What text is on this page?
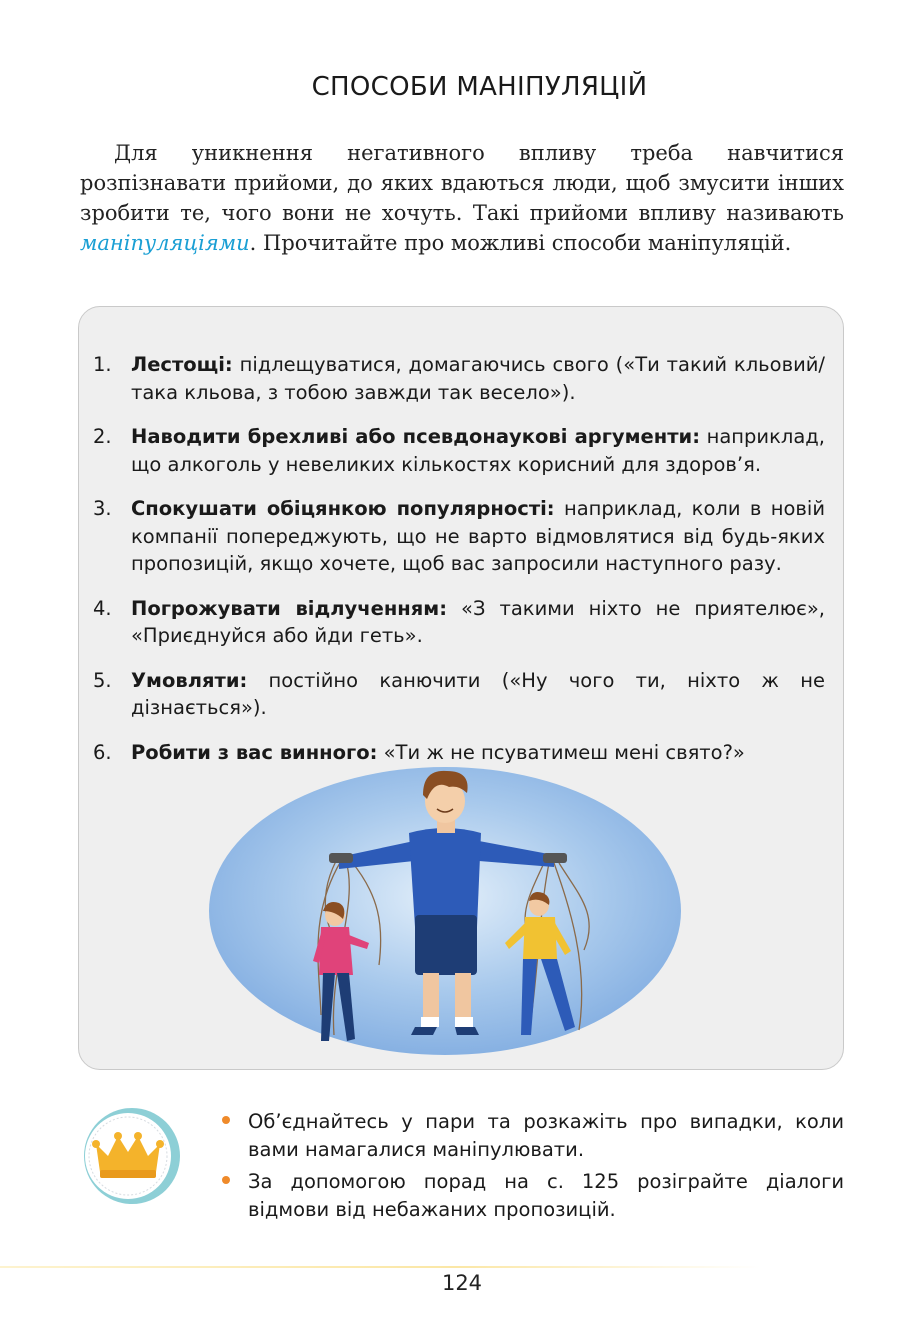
СПОСОБИ МАНІПУЛЯЦІЙ

Для уникнення негативного впливу треба навчитися розпізнавати прийоми, до яких вдаються люди, щоб змусити інших зробити те, чого вони не хочуть. Такі прийоми впливу називають маніпуляціями. Прочитайте про можливі способи маніпуляцій.

1. Лестощі: підлещуватися, домагаючись свого («Ти такий кльовий/така кльова, з тобою завжди так весело»).
2. Наводити брехливі або псевдонаукові аргументи: наприклад, що алкоголь у невеликих кількостях корисний для здоров’я.
3. Спокушати обіцянкою популярності: наприклад, коли в новій компанії попереджують, що не варто відмовлятися від будь-яких пропозицій, якщо хочете, щоб вас запросили наступного разу.
4. Погрожувати відлученням: «З такими ніхто не приятелює», «Приєднуйся або йди геть».
5. Умовляти: постійно канючити («Ну чого ти, ніхто ж не дізнається»).
6. Робити з вас винного: «Ти ж не псуватимеш мені свято?»
Об’єднайтесь у пари та розкажіть про випадки, коли вами намагалися маніпулювати.
За допомогою порад на с. 125 розіграйте діалоги відмови від небажаних пропозицій.
124
